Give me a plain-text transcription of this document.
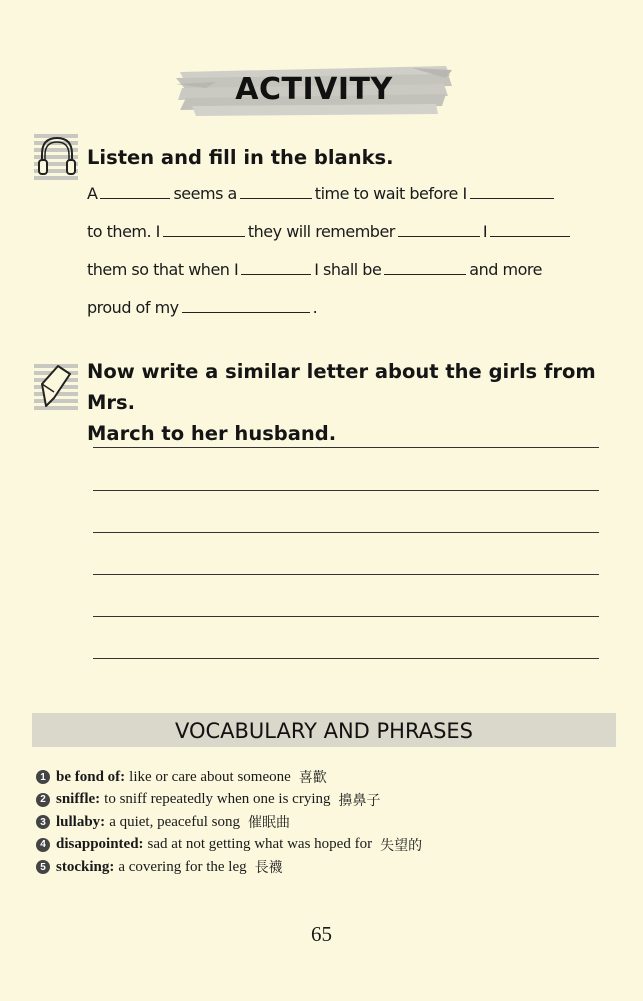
ACTIVITY
Listen and fill in the blanks.
A	seems a	time to wait before I
to them. I	they will remember	I
them so that when I	I shall be	and more
proud of my	.
Now write a similar letter about the girls from Mrs.
March to her husband.
VOCABULARY AND PHRASES
1 be fond of: like or care about someone 喜歡
2 sniffle: to sniff repeatedly when one is crying 擤鼻子
3 lullaby: a quiet, peaceful song 催眠曲
4 disappointed: sad at not getting what was hoped for 失望的
5 stocking: a covering for the leg 長襪
65
